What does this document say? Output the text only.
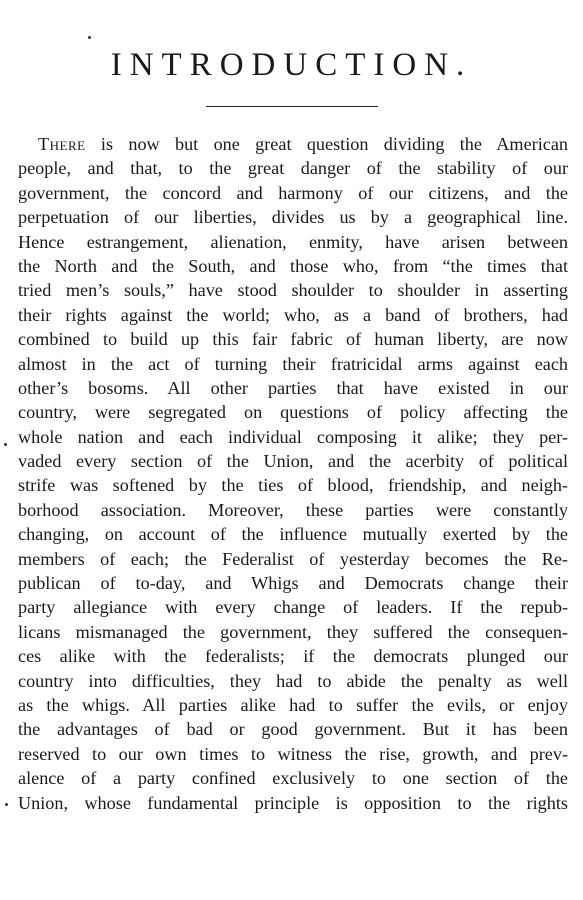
INTRODUCTION.
There is now but one great question dividing the American
people, and that, to the great danger of the stability of our
government, the concord and harmony of our citizens, and the
perpetuation of our liberties, divides us by a geographical line.
Hence estrangement, alienation, enmity, have arisen between
the North and the South, and those who, from “the times that
tried men’s souls,” have stood shoulder to shoulder in asserting
their rights against the world; who, as a band of brothers, had
combined to build up this fair fabric of human liberty, are now
almost in the act of turning their fratricidal arms against each
other’s bosoms. All other parties that have existed in our
country, were segregated on questions of policy affecting the
whole nation and each individual composing it alike; they per-
vaded every section of the Union, and the acerbity of political
strife was softened by the ties of blood, friendship, and neigh-
borhood association. Moreover, these parties were constantly
changing, on account of the influence mutually exerted by the
members of each; the Federalist of yesterday becomes the Re-
publican of to-day, and Whigs and Democrats change their
party allegiance with every change of leaders. If the repub-
licans mismanaged the government, they suffered the consequen-
ces alike with the federalists; if the democrats plunged our
country into difficulties, they had to abide the penalty as well
as the whigs. All parties alike had to suffer the evils, or enjoy
the advantages of bad or good government. But it has been
reserved to our own times to witness the rise, growth, and prev-
alence of a party confined exclusively to one section of the
Union, whose fundamental principle is opposition to the rights
